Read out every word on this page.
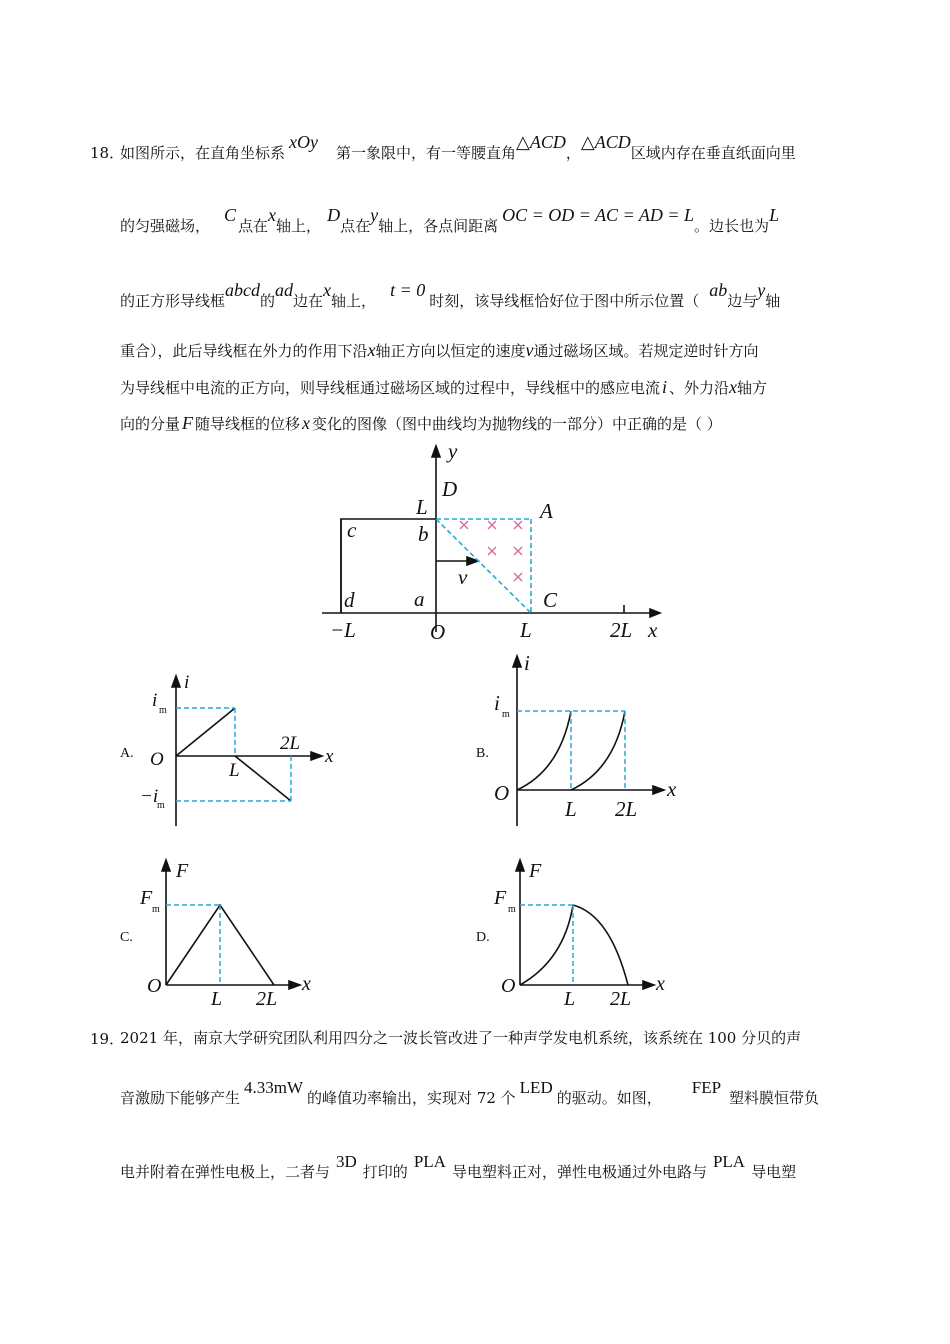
18．
如图所示，在直角坐标系xOy第一象限中，有一等腰直角△ACD，△ACD区域内存在垂直纸面向里
的匀强磁场，C点在x轴上，D点在y轴上，各点间距离OC = OD = AC = AD = L。边长也为L
的正方形导线框abcd的ad边在x轴上，t = 0时刻，该导线框恰好位于图中所示位置（ab边与y轴
重合），此后导线框在外力的作用下沿x轴正方向以恒定的速度v通过磁场区域。若规定逆时针方向
为导线框中电流的正方向，则导线框通过磁场区域的过程中，导线框中的感应电流 i 、外力沿x轴方
向的分量 F 随导线框的位移 x 变化的图像（图中曲线均为抛物线的一部分）中正确的是（ ）
y
D
L	A
c	b
v
d	a	C
−L	O	L	2L x
i
i m
O
L
2L
x
−i
m
i
i m
O
L 2L
x
F
F
m
O
L 2L
x
F
F
m
O
L 2L
x
A.	B.
C.	D.
19．
2021 年，南京大学研究团队利用四分之一波长管改进了一种声学发电机系统，该系统在 100 分贝的声
音激励下能够产生4.33mW的峰值功率输出，实现对 72 个LED的驱动。如图，FEP塑料膜恒带负
电并附着在弹性电极上，二者与3D打印的PLA导电塑料正对，弹性电极通过外电路与PLA导电塑
